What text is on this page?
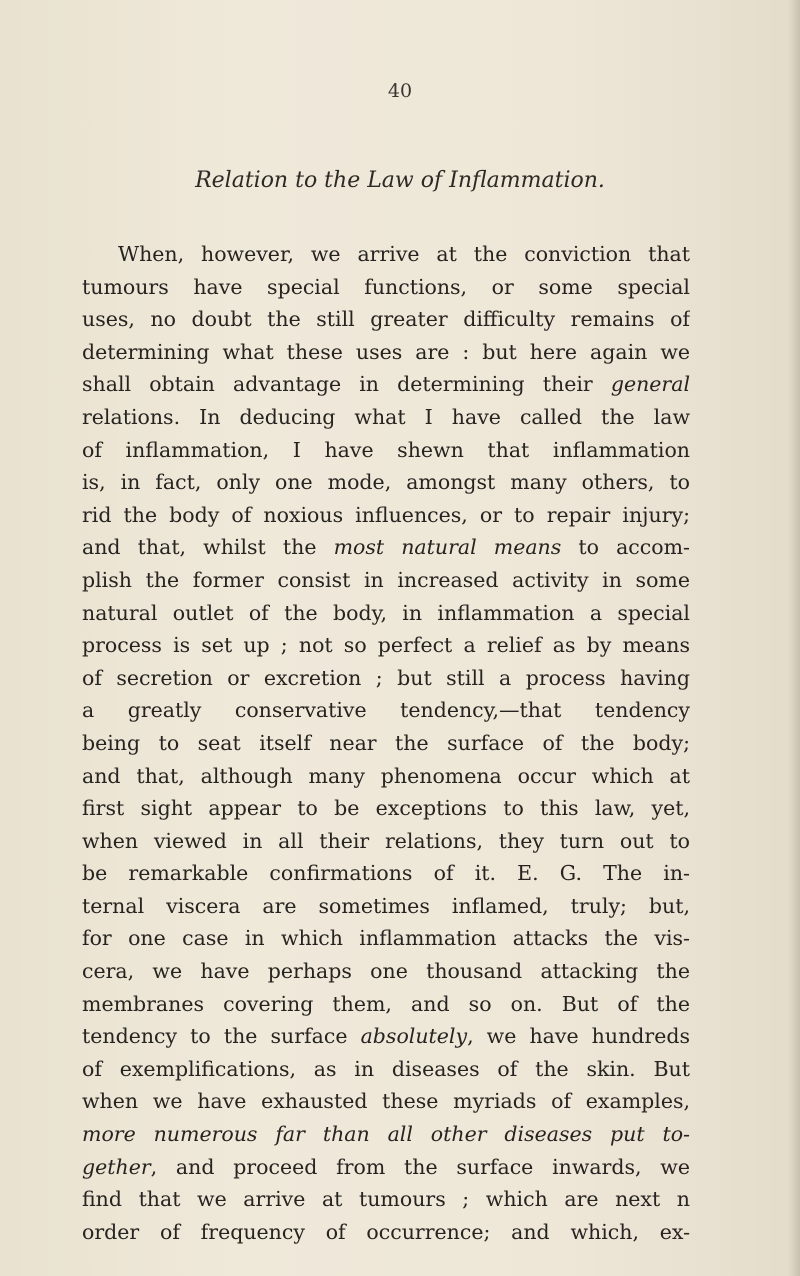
40
Relation to the Law of Inflammation.
When, however, we arrive at the conviction that
tumours have special functions, or some special
uses, no doubt the still greater difficulty remains of
determining what these uses are : but here again we
shall obtain advantage in determining their general
relations. In deducing what I have called the law
of inflammation, I have shewn that inflammation
is, in fact, only one mode, amongst many others, to
rid the body of noxious influences, or to repair injury;
and that, whilst the most natural means to accom-
plish the former consist in increased activity in some
natural outlet of the body, in inflammation a special
process is set up ; not so perfect a relief as by means
of secretion or excretion ; but still a process having
a greatly conservative tendency,—that tendency
being to seat itself near the surface of the body;
and that, although many phenomena occur which at
first sight appear to be exceptions to this law, yet,
when viewed in all their relations, they turn out to
be remarkable confirmations of it. E. G. The in-
ternal viscera are sometimes inflamed, truly; but,
for one case in which inflammation attacks the vis-
cera, we have perhaps one thousand attacking the
membranes covering them, and so on. But of the
tendency to the surface absolutely, we have hundreds
of exemplifications, as in diseases of the skin. But
when we have exhausted these myriads of examples,
more numerous far than all other diseases put to-
gether, and proceed from the surface inwards, we
find that we arrive at tumours ; which are next n
order of frequency of occurrence; and which, ex-
